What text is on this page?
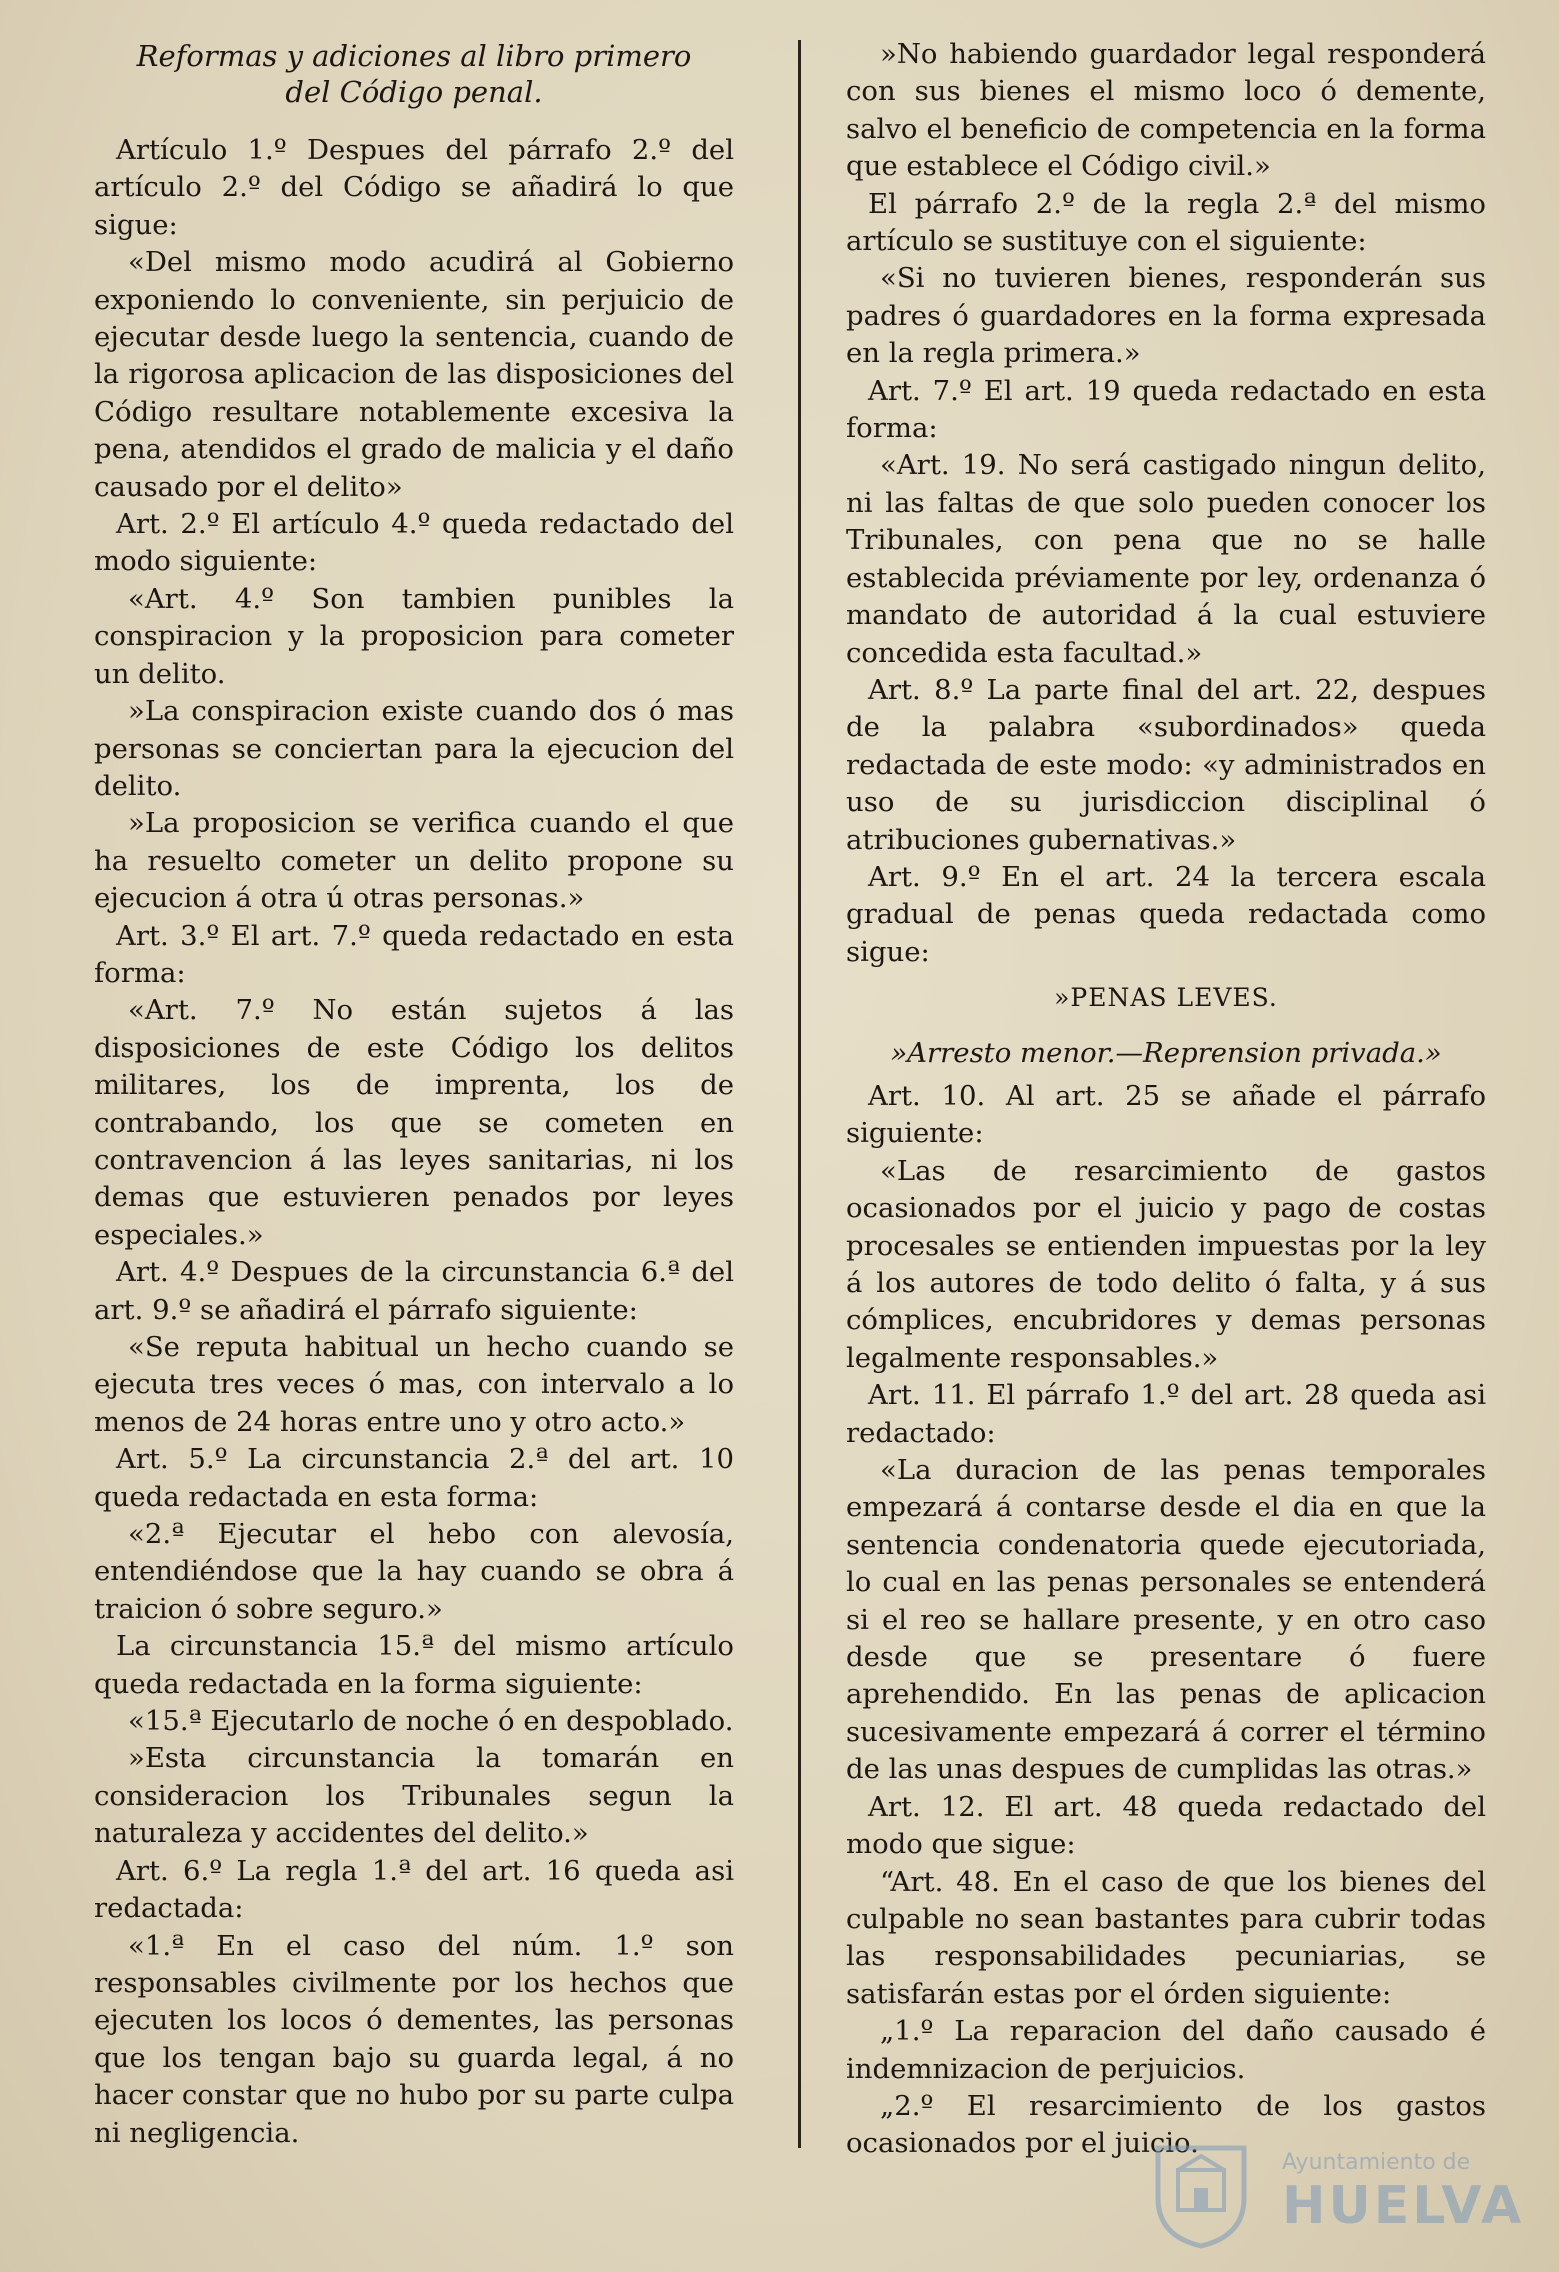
Reformas y adiciones al libro primero
del Código penal.

Artículo 1.º Despues del párrafo 2.º del artículo 2.º del Código se añadirá lo que sigue:

«Del mismo modo acudirá al Gobierno exponiendo lo conveniente, sin perjuicio de ejecutar desde luego la sentencia, cuando de la rigorosa aplicacion de las disposiciones del Código resultare notablemente excesiva la pena, atendidos el grado de malicia y el daño causado por el delito»

Art. 2.º El artículo 4.º queda redactado del modo siguiente:

«Art. 4.º Son tambien punibles la conspiracion y la proposicion para cometer un delito.

»La conspiracion existe cuando dos ó mas personas se conciertan para la ejecucion del delito.

»La proposicion se verifica cuando el que ha resuelto cometer un delito propone su ejecucion á otra ú otras personas.»

Art. 3.º El art. 7.º queda redactado en esta forma:

«Art. 7.º No están sujetos á las disposiciones de este Código los delitos militares, los de imprenta, los de contrabando, los que se cometen en contravencion á las leyes sanitarias, ni los demas que estuvieren penados por leyes especiales.»

Art. 4.º Despues de la circunstancia 6.ª del art. 9.º se añadirá el párrafo siguiente:

«Se reputa habitual un hecho cuando se ejecuta tres veces ó mas, con intervalo a lo menos de 24 horas entre uno y otro acto.»

Art. 5.º La circunstancia 2.ª del art. 10 queda redactada en esta forma:

«2.ª Ejecutar el hebo con alevosía, entendiéndose que la hay cuando se obra á traicion ó sobre seguro.»

La circunstancia 15.ª del mismo artículo queda redactada en la forma siguiente:

«15.ª Ejecutarlo de noche ó en despoblado.

»Esta circunstancia la tomarán en consideracion los Tribunales segun la naturaleza y accidentes del delito.»

Art. 6.º La regla 1.ª del art. 16 queda asi redactada:

«1.ª En el caso del núm. 1.º son responsables civilmente por los hechos que ejecuten los locos ó dementes, las personas que los tengan bajo su guarda legal, á no hacer constar que no hubo por su parte culpa ni negligencia.

»No habiendo guardador legal responderá con sus bienes el mismo loco ó demente, salvo el beneficio de competencia en la forma que establece el Código civil.»

El párrafo 2.º de la regla 2.ª del mismo artículo se sustituye con el siguiente:

«Si no tuvieren bienes, responderán sus padres ó guardadores en la forma expresada en la regla primera.»

Art. 7.º El art. 19 queda redactado en esta forma:

«Art. 19. No será castigado ningun delito, ni las faltas de que solo pueden conocer los Tribunales, con pena que no se halle establecida préviamente por ley, ordenanza ó mandato de autoridad á la cual estuviere concedida esta facultad.»

Art. 8.º La parte final del art. 22, despues de la palabra «subordinados» queda redactada de este modo: «y administrados en uso de su jurisdiccion disciplinal ó atribuciones gubernativas.»

Art. 9.º En el art. 24 la tercera escala gradual de penas queda redactada como sigue:

»PENAS LEVES.

»Arresto menor.—Reprension privada.»

Art. 10. Al art. 25 se añade el párrafo siguiente:

«Las de resarcimiento de gastos ocasionados por el juicio y pago de costas procesales se entienden impuestas por la ley á los autores de todo delito ó falta, y á sus cómplices, encubridores y demas personas legalmente responsables.»

Art. 11. El párrafo 1.º del art. 28 queda asi redactado:

«La duracion de las penas temporales empezará á contarse desde el dia en que la sentencia condenatoria quede ejecutoriada, lo cual en las penas personales se entenderá si el reo se hallare presente, y en otro caso desde que se presentare ó fuere aprehendido. En las penas de aplicacion sucesivamente empezará á correr el término de las unas despues de cumplidas las otras.»

Art. 12. El art. 48 queda redactado del modo que sigue:

“Art. 48. En el caso de que los bienes del culpable no sean bastantes para cubrir todas las responsabilidades pecuniarias, se satisfarán estas por el órden siguiente:

„1.º La reparacion del daño causado é indemnizacion de perjuicios.

„2.º El resarcimiento de los gastos ocasionados por el juicio.

Ayuntamiento de
HUELVA
